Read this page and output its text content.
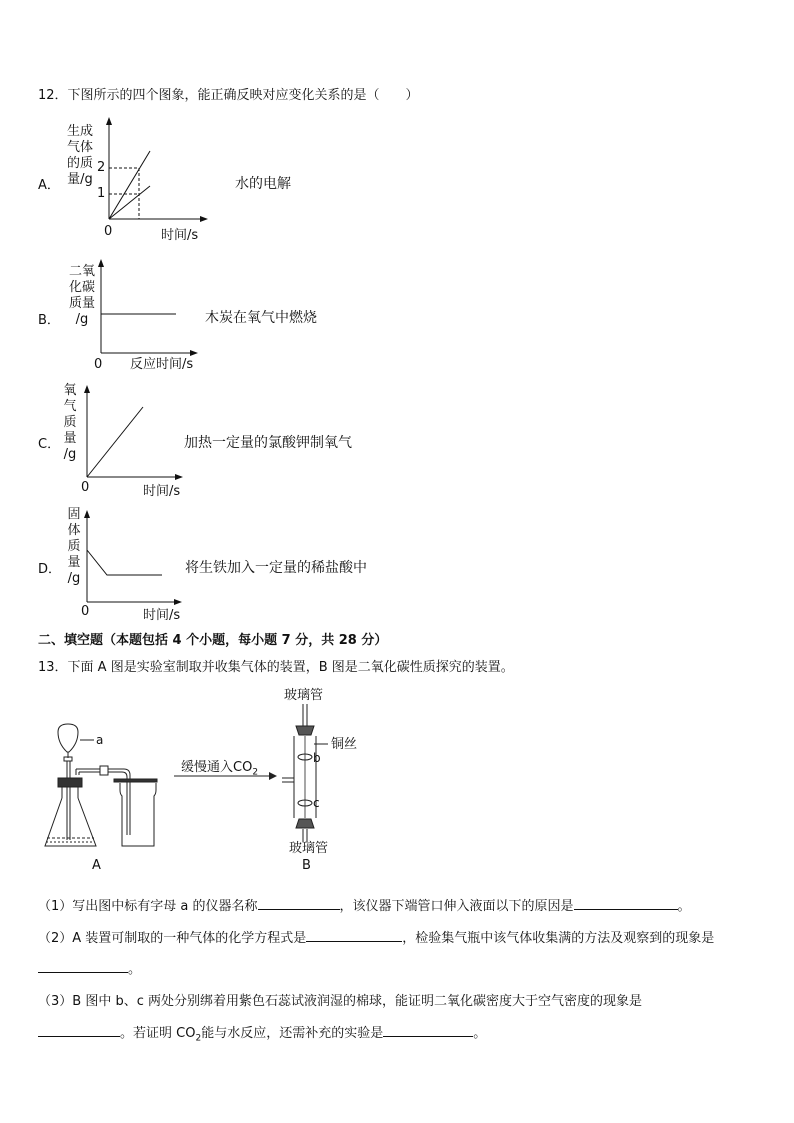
12．下图所示的四个图象，能正确反映对应变化关系的是（　　）
A．
生成
气体
的质
量/g
2
1
0	时间/s
水的电解
B．
二氧
化碳
质量
/g
0 反应时间/s
木炭在氧气中燃烧
C．
氧
气
质
量
/g
0	时间/s
加热一定量的氯酸钾制氧气
D．
固
体
质
量
/g
0	时间/s
将生铁加入一定量的稀盐酸中
二、填空题（本题包括 4 个小题，每小题 7 分，共 28 分）
13．下面 A 图是实验室制取并收集气体的装置，B 图是二氧化碳性质探究的装置。
a
玻璃管
铜丝
b
c
缓慢通入$CO_2$
玻璃管
A	B
（1）写出图中标有字母 a 的仪器名称	，该仪器下端管口伸入液面以下的原因是	。
（2）A 装置可制取的一种气体的化学方程式是	，检验集气瓶中该气体收集满的方法及观察到的现象是
。
（3）B 图中 b、c 两处分别绑着用紫色石蕊试液润湿的棉球，能证明二氧化碳密度大于空气密度的现象是
。若证明 $CO_2$能与水反应，还需补充的实验是	。
